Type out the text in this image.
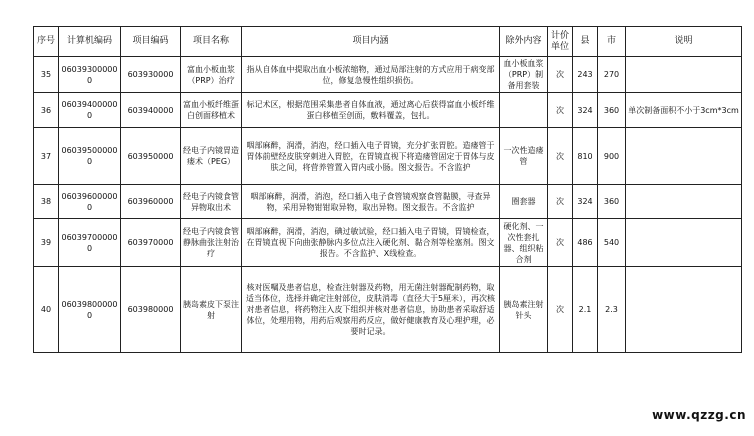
序号	计算机编码	项目编码	项目名称	项目内涵	除外内容	计价单位	县	市	说明
35	060393000000	603930000	富血小板血浆（PRP）治疗	指从自体血中提取出血小板浓缩物，通过局部注射的方式应用于病变部位，修复急慢性组织损伤。	血小板血浆（PRP）制备用套装	次	243	270	
36	060394000000	603940000	富血小板纤维蛋白创面移植术	标记术区，根据范围采集患者自体血液，通过离心后获得富血小板纤维蛋白移植至创面，敷料覆盖，包扎。		次	324	360	单次制备面积不小于3cm*3cm
37	060395000000	603950000	经电子内镜胃造瘘术（PEG）	咽部麻醉，润滑，消泡，经口插入电子胃镜，充分扩张胃腔。造瘘管于胃体前壁经皮肤穿刺进入胃腔，在胃镜直视下将造瘘管固定于胃体与皮肤之间，将营养管置入胃内或小肠。图文报告。不含监护	一次性造瘘管	次	810	900	
38	060396000000	603960000	经电子内镜食管异物取出术	咽部麻醉，润滑，消泡，经口插入电子食管镜观察食管黏膜，寻查异物，采用异物钳钳取异物，取出异物。图文报告。不含监护	圈套器	次	324	360	
39	060397000000	603970000	经电子内镜食管静脉曲张注射治疗	咽部麻醉，润滑，消泡，碘过敏试验，经口插入电子胃镜，胃镜检查，在胃镜直视下向曲张静脉内多位点注入硬化剂、黏合剂等栓塞剂。图文报告。不含监护、X线检查。	硬化剂、一次性套扎器、组织粘合剂	次	486	540	
40	060398000000	603980000	胰岛素皮下泵注射	核对医嘱及患者信息，检查注射器及药物，用无菌注射器配制药物，取适当体位，选择并确定注射部位，皮肤消毒（直径大于5厘米），再次核对患者信息，将药物注入皮下组织并核对患者信息，协助患者采取舒适体位，处理用物，用药后观察用药反应，做好健康教育及心理护理，必要时记录。	胰岛素注射针头	次	2.1	2.3	
www.qzzg.cn
